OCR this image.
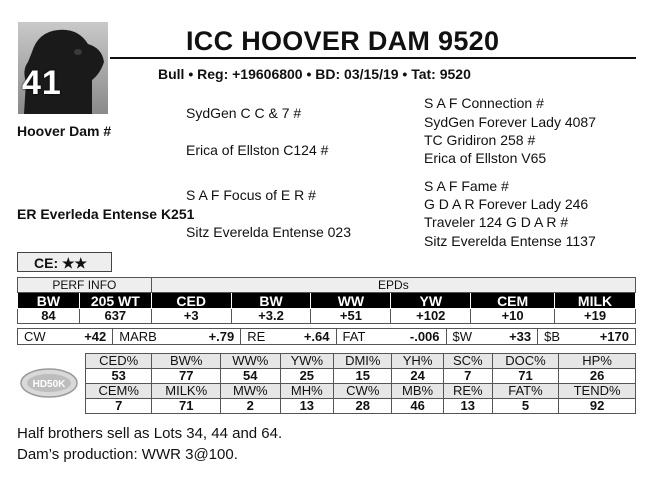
41
ICC HOOVER DAM 9520
Bull • Reg: +19606800 • BD: 03/15/19 • Tat: 9520
Hoover Dam #
SydGen C C & 7 #
Erica of Ellston C124 #
S A F Connection #
SydGen Forever Lady 4087
TC Gridiron 258 #
Erica of Ellston V65
ER Everleda Entense K251
S A F Focus of E R #
Sitz Everelda Entense 023
S A F Fame #
G D A R Forever Lady 246
Traveler 124 G D A R #
Sitz Everelda Entense 1137
CE: ★★
PERF INFO		EPDs					
BW	205 WT	CED	BW	WW	YW	CEM	MILK
84	637	+3	+3.2	+51	+102	+10	+19
CW	+42	MARB	+.79	RE	+.64	FAT	-.006	$W	+33	$B	+170
HD50K
CED%	BW%	WW%	YW%	DMI%	YH%	SC%	DOC%	HP%
53	77	54	25	15	24	7	71	26
CEM%	MILK%	MW%	MH%	CW%	MB%	RE%	FAT%	TEND%
7	71	2	13	28	46	13	5	92
Half brothers sell as Lots 34, 44 and 64.
Dam’s production: WWR 3@100.
